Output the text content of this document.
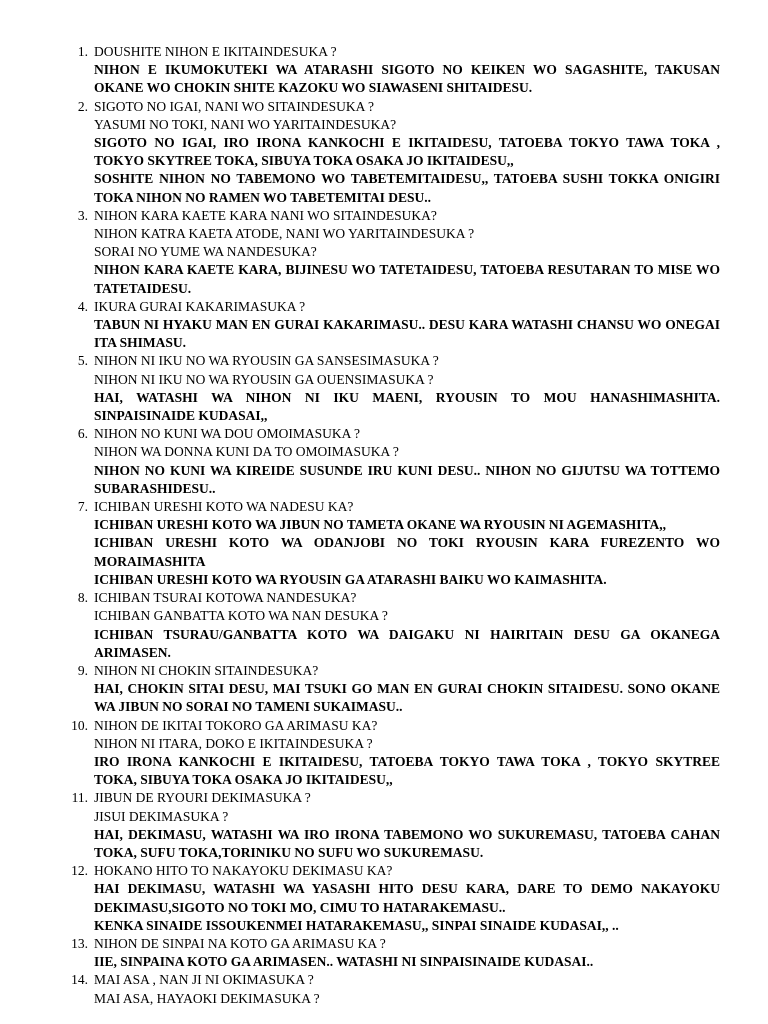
1. DOUSHITE NIHON E IKITAINDESUKA ?
NIHON E IKUMOKUTEKI WA ATARASHI SIGOTO NO KEIKEN WO SAGASHITE, TAKUSAN OKANE WO CHOKIN SHITE KAZOKU WO SIAWASENI SHITAIDESU.
2. SIGOTO NO IGAI, NANI WO SITAINDESUKA ?
YASUMI NO TOKI, NANI WO YARITAINDESUKA?
SIGOTO NO IGAI, IRO IRONA KANKOCHI E IKITAIDESU, TATOEBA TOKYO TAWA TOKA , TOKYO SKYTREE TOKA, SIBUYA TOKA OSAKA JO IKITAIDESU,,
SOSHITE NIHON NO TABEMONO WO TABETEMITAIDESU,, TATOEBA SUSHI TOKKA ONIGIRI TOKA NIHON NO RAMEN WO TABETEMITAI DESU..
3. NIHON KARA KAETE KARA NANI WO SITAINDESUKA?
NIHON KATRA KAETA ATODE, NANI WO YARITAINDESUKA ?
SORAI NO YUME WA NANDESUKA?
NIHON KARA KAETE KARA, BIJINESU WO TATETAIDESU, TATOEBA RESUTARAN TO MISE WO TATETAIDESU.
4. IKURA GURAI KAKARIMASUKA ?
TABUN NI HYAKU MAN EN GURAI KAKARIMASU.. DESU KARA WATASHI CHANSU WO ONEGAI ITA SHIMASU.
5. NIHON NI IKU NO WA RYOUSIN GA SANSESIMASUKA ?
NIHON NI IKU NO WA RYOUSIN GA OUENSIMASUKA ?
HAI, WATASHI WA NIHON NI IKU MAENI, RYOUSIN TO MOU HANASHIMASHITA. SINPAISINAIDE KUDASAI,,
6. NIHON NO KUNI WA DOU OMOIMASUKA ?
NIHON WA DONNA KUNI DA TO OMOIMASUKA ?
NIHON NO KUNI WA KIREIDE SUSUNDE IRU KUNI DESU.. NIHON NO GIJUTSU WA TOTTEMO SUBARASHIDESU..
7. ICHIBAN URESHI KOTO WA NADESU KA?
ICHIBAN URESHI KOTO WA JIBUN NO TAMETA OKANE WA RYOUSIN NI AGEMASHITA,,
ICHIBAN URESHI KOTO WA ODANJOBI NO TOKI RYOUSIN KARA FUREZENTO WO MORAIMASHITA
ICHIBAN URESHI KOTO WA RYOUSIN GA ATARASHI BAIKU WO KAIMASHITA.
8. ICHIBAN TSURAI KOTOWA NANDESUKA?
ICHIBAN GANBATTA KOTO WA NAN DESUKA ?
ICHIBAN TSURAU/GANBATTA KOTO WA DAIGAKU NI HAIRITAIN DESU GA OKANEGA ARIMASEN.
9. NIHON NI CHOKIN SITAINDESUKA?
HAI, CHOKIN SITAI DESU, MAI TSUKI GO MAN EN GURAI CHOKIN SITAIDESU. SONO OKANE WA JIBUN NO SORAI NO TAMENI SUKAIMASU..
10. NIHON DE IKITAI TOKORO GA ARIMASU KA?
NIHON NI ITARA, DOKO E IKITAINDESUKA ?
IRO IRONA KANKOCHI E IKITAIDESU, TATOEBA TOKYO TAWA TOKA , TOKYO SKYTREE TOKA, SIBUYA TOKA OSAKA JO IKITAIDESU,,
11. JIBUN DE RYOURI DEKIMASUKA ?
JISUI DEKIMASUKA ?
HAI, DEKIMASU, WATASHI WA IRO IRONA TABEMONO WO SUKUREMASU, TATOEBA CAHAN TOKA, SUFU TOKA,TORINIKU NO SUFU WO SUKUREMASU.
12. HOKANO HITO TO NAKAYOKU DEKIMASU KA?
HAI DEKIMASU, WATASHI WA YASASHI HITO DESU KARA, DARE TO DEMO NAKAYOKU DEKIMASU,SIGOTO NO TOKI MO, CIMU TO HATARAKEMASU..
KENKA SINAIDE ISSOUKENMEI HATARAKEMASU,, SINPAI SINAIDE KUDASAI,, ..
13. NIHON DE SINPAI NA KOTO GA ARIMASU KA ?
IIE, SINPAINA KOTO GA ARIMASEN.. WATASHI NI SINPAISINAIDE KUDASAI..
14. MAI ASA , NAN JI NI OKIMASUKA ?
MAI ASA, HAYAOKI DEKIMASUKA ?
